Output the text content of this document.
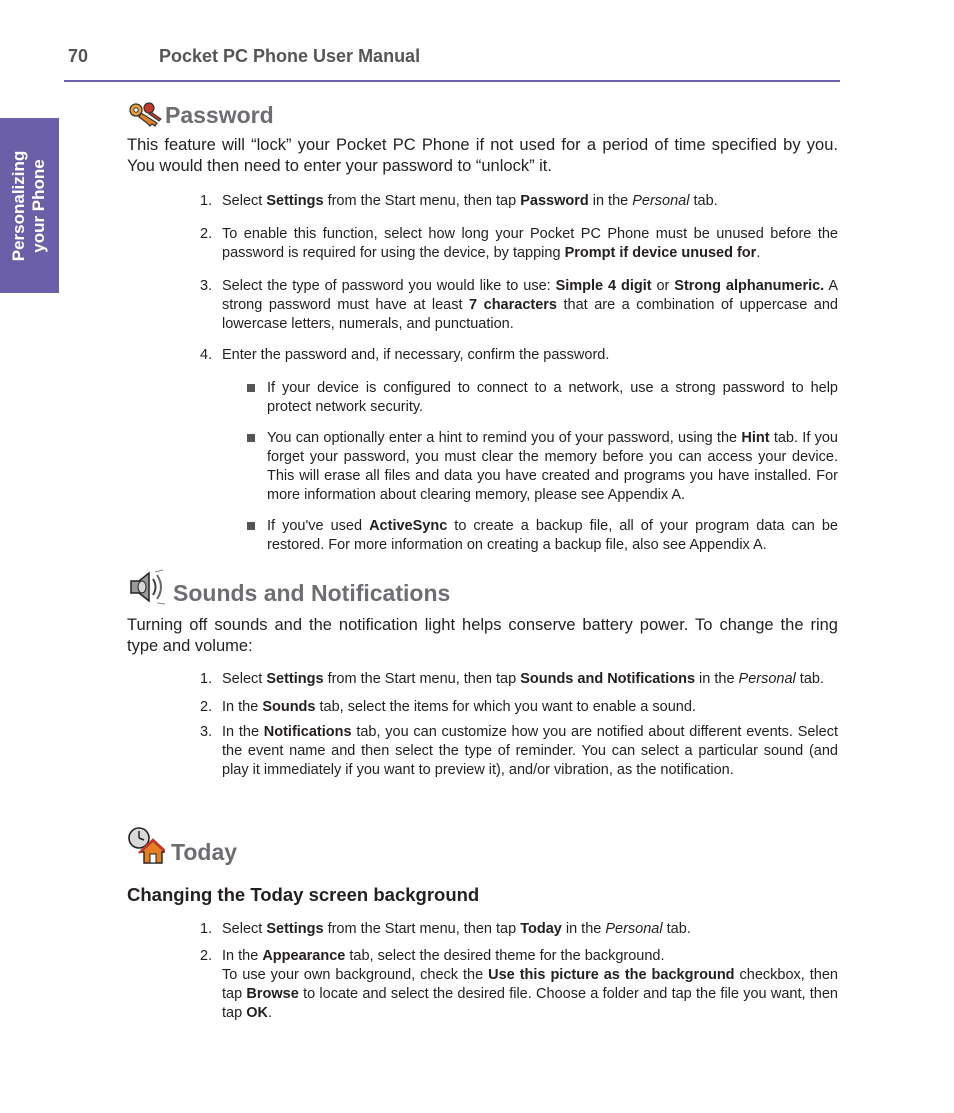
70	Pocket PC Phone User Manual
Personalizing your Phone
Password

This feature will “lock” your Pocket PC Phone if not used for a period of time specified by you. You would then need to enter your password to “unlock” it.

1. Select Settings from the Start menu, then tap Password in the Personal tab.
2. To enable this function, select how long your Pocket PC Phone must be unused before the password is required for using the device, by tapping Prompt if device unused for.
3. Select the type of password you would like to use: Simple 4 digit or Strong alphanumeric. A strong password must have at least 7 characters that are a combination of uppercase and lowercase letters, numerals, and punctuation.
4. Enter the password and, if necessary, confirm the password.
If your device is configured to connect to a network, use a strong password to help protect network security.
You can optionally enter a hint to remind you of your password, using the Hint tab. If you forget your password, you must clear the memory before you can access your device. This will erase all files and data you have created and programs you have installed. For more information about clearing memory, please see Appendix A.
If you've used ActiveSync to create a backup file, all of your program data can be restored. For more information on creating a backup file, also see Appendix A.
Sounds and Notifications

Turning off sounds and the notification light helps conserve battery power. To change the ring type and volume:

1. Select Settings from the Start menu, then tap Sounds and Notifications in the Personal tab.
2. In the Sounds tab, select the items for which you want to enable a sound.
3. In the Notifications tab, you can customize how you are notified about different events. Select the event name and then select the type of reminder. You can select a particular sound (and play it immediately if you want to preview it), and/or vibration, as the notification.
Today
Changing the Today screen background
1. Select Settings from the Start menu, then tap Today in the Personal tab.
2. In the Appearance tab, select the desired theme for the background.
To use your own background, check the Use this picture as the background checkbox, then tap Browse to locate and select the desired file. Choose a folder and tap the file you want, then tap OK.
